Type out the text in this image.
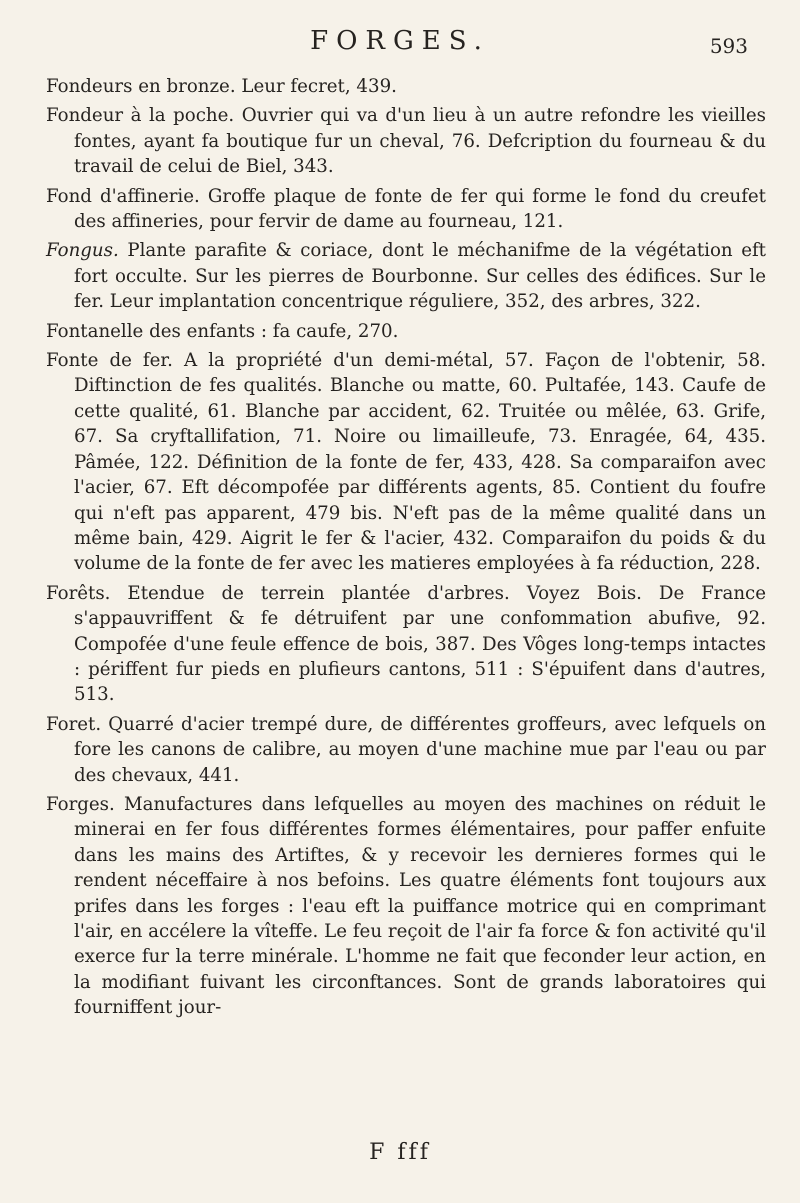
FORGES.	593

Fondeurs en bronze. Leur fecret, 439.

Fondeur à la poche. Ouvrier qui va d'un lieu à un autre refondre les vieilles fontes, ayant fa boutique fur un cheval, 76. Defcription du fourneau & du travail de celui de Biel, 343.

Fond d'affinerie. Groffe plaque de fonte de fer qui forme le fond du creufet des affineries, pour fervir de dame au fourneau, 121.

Fongus. Plante parafite & coriace, dont le méchanifme de la végétation eft fort occulte. Sur les pierres de Bourbonne. Sur celles des édifices. Sur le fer. Leur implantation concentrique réguliere, 352, des arbres, 322.

Fontanelle des enfants : fa caufe, 270.

Fonte de fer. A la propriété d'un demi-métal, 57. Façon de l'obtenir, 58. Diftinction de fes qualités. Blanche ou matte, 60. Pultafée, 143. Caufe de cette qualité, 61. Blanche par accident, 62. Truitée ou mêlée, 63. Grife, 67. Sa cryftallifation, 71. Noire ou limailleufe, 73. Enragée, 64, 435. Pâmée, 122. Définition de la fonte de fer, 433, 428. Sa comparaifon avec l'acier, 67. Eft décompofée par différents agents, 85. Contient du foufre qui n'eft pas apparent, 479 bis. N'eft pas de la même qualité dans un même bain, 429. Aigrit le fer & l'acier, 432. Comparaifon du poids & du volume de la fonte de fer avec les matieres employées à fa réduction, 228.

Forêts. Etendue de terrein plantée d'arbres. Voyez Bois. De France s'appauvriffent & fe détruifent par une confommation abufive, 92. Compofée d'une feule effence de bois, 387. Des Vôges long-temps intactes : périffent fur pieds en plufieurs cantons, 511 : S'épuifent dans d'autres, 513.

Foret. Quarré d'acier trempé dure, de différentes groffeurs, avec lefquels on fore les canons de calibre, au moyen d'une machine mue par l'eau ou par des chevaux, 441.

Forges. Manufactures dans lefquelles au moyen des machines on réduit le minerai en fer fous différentes formes élémentaires, pour paffer enfuite dans les mains des Artiftes, & y recevoir les dernieres formes qui le rendent néceffaire à nos befoins. Les quatre éléments font toujours aux prifes dans les forges : l'eau eft la puiffance motrice qui en comprimant l'air, en accélere la vîteffe. Le feu reçoit de l'air fa force & fon activité qu'il exerce fur la terre minérale. L'homme ne fait que feconder leur action, en la modifiant fuivant les circonftances. Sont de grands laboratoires qui fourniffent jour-

F fff
